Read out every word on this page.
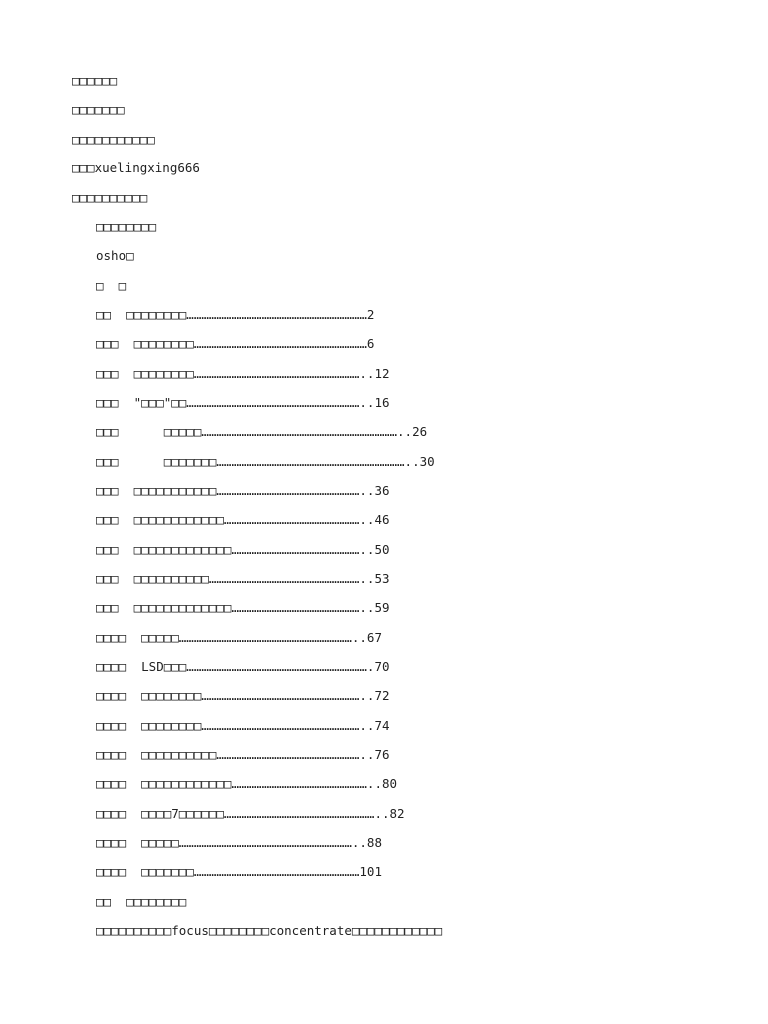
□□□□□□
□□□□□□□
□□□□□□□□□□□
□□□xuelingxing666
□□□□□□□□□□
□□□□□□□□
osho□
□  □
□□  □□□□□□□□………………………………………………………………2
□□□  □□□□□□□□……………………………………………………………6
□□□  □□□□□□□□…………………………………………………………..12
□□□  "□□□"□□……………………………………………………………..16
□□□      □□□□□……………………………………………………………………..26
□□□      □□□□□□□…………………………………………………………………..30
□□□  □□□□□□□□□□□…………………………………………………..36
□□□  □□□□□□□□□□□□………………………………………………..46
□□□  □□□□□□□□□□□□□……………………………………………..50
□□□  □□□□□□□□□□……………………………………………………..53
□□□  □□□□□□□□□□□□□……………………………………………..59
□□□□  □□□□□……………………………………………………………..67
□□□□  LSD□□□……………………………………………………………….70
□□□□  □□□□□□□□………………………………………………………..72
□□□□  □□□□□□□□………………………………………………………..74
□□□□  □□□□□□□□□□…………………………………………………..76
□□□□  □□□□□□□□□□□□………………………………………………..80
□□□□  □□□□7□□□□□□……………………………………………………..82
□□□□  □□□□□……………………………………………………………..88
□□□□  □□□□□□□…………………………………………………………101
□□  □□□□□□□□
□□□□□□□□□□focus□□□□□□□□concentrate□□□□□□□□□□□□
